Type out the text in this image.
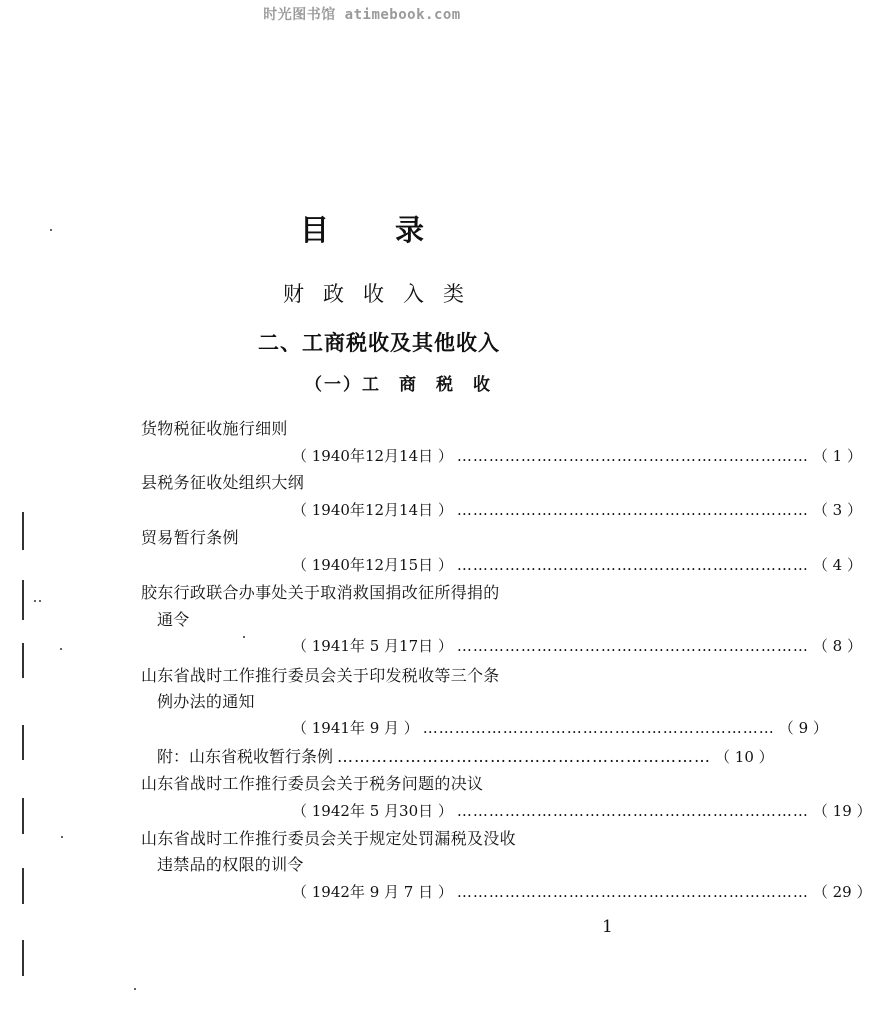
时光图书馆 atimebook.com
目 录
财政收入类
二、工商税收及其他收入
（一）工 商 税 收
货物税征收施行细则
（ 1940年12月14日 ） ………………………………………………………… （ 1 ）
县税务征收处组织大纲
（ 1940年12月14日 ） ………………………………………………………… （ 3 ）
贸易暂行条例
（ 1940年12月15日 ） ………………………………………………………… （ 4 ）
胶东行政联合办事处关于取消救国捐改征所得捐的
通令
（ 1941年 5 月17日 ） ………………………………………………………… （ 8 ）
山东省战时工作推行委员会关于印发税收等三个条
例办法的通知
（ 1941年 9 月 ） ………………………………………………………… （ 9 ）
附：山东省税收暂行条例 ………………………………………………………… （ 10 ）
山东省战时工作推行委员会关于税务问题的决议
（ 1942年 5 月30日 ） ………………………………………………………… （ 19 ）
山东省战时工作推行委员会关于规定处罚漏税及没收
违禁品的权限的训令
（ 1942年 9 月 7 日 ） ………………………………………………………… （ 29 ）
1
